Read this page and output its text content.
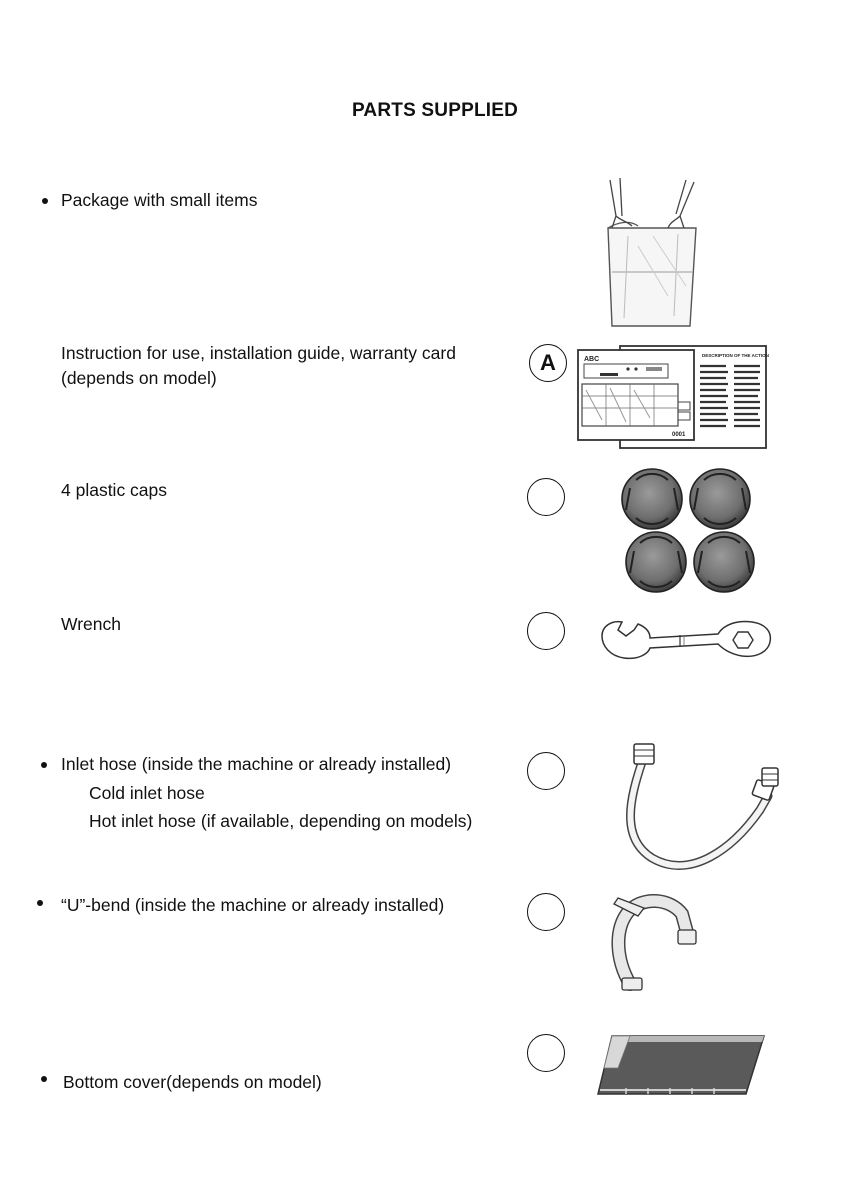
PARTS SUPPLIED
Package with small items
Instruction for use, installation guide, warranty card
(depends on model)
A	DESCRIPTION OF THE ACTION
ABC
0001
4 plastic caps
Wrench
Inlet hose (inside the machine or already installed)
Cold inlet hose
Hot inlet hose (if available, depending on models)
“U”-bend (inside the machine or already installed)
Bottom cover(depends on model)
